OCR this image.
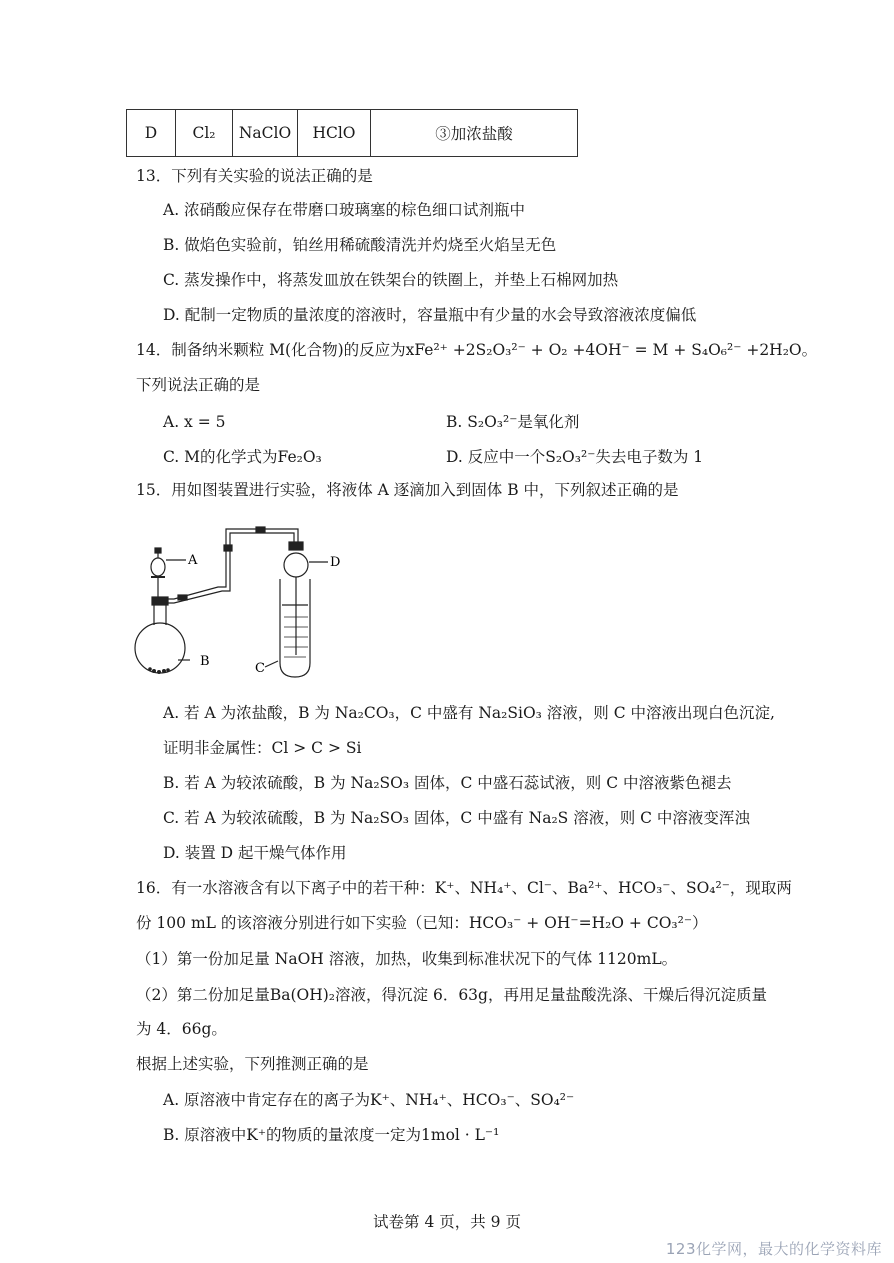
D	Cl₂	NaClO	HClO	③加浓盐酸
13．下列有关实验的说法正确的是
A. 浓硝酸应保存在带磨口玻璃塞的棕色细口试剂瓶中
B. 做焰色实验前，铂丝用稀硫酸清洗并灼烧至火焰呈无色
C. 蒸发操作中，将蒸发皿放在铁架台的铁圈上，并垫上石棉网加热
D. 配制一定物质的量浓度的溶液时，容量瓶中有少量的水会导致溶液浓度偏低
14．制备纳米颗粒 M(化合物)的反应为xFe²⁺ +2S₂O₃²⁻ + O₂ +4OH⁻ = M + S₄O₆²⁻ +2H₂O。
下列说法正确的是
A. x = 5	B. S₂O₃²⁻是氧化剂
C. M的化学式为Fe₂O₃	D. 反应中一个S₂O₃²⁻失去电子数为 1
15．用如图装置进行实验，将液体 A 逐滴加入到固体 B 中，下列叙述正确的是
A
B	C
D
A. 若 A 为浓盐酸，B 为 Na₂CO₃，C 中盛有 Na₂SiO₃ 溶液，则 C 中溶液出现白色沉淀,
证明非金属性：Cl > C > Si
B. 若 A 为较浓硫酸，B 为 Na₂SO₃ 固体，C 中盛石蕊试液，则 C 中溶液紫色褪去
C. 若 A 为较浓硫酸，B 为 Na₂SO₃ 固体，C 中盛有 Na₂S 溶液，则 C 中溶液变浑浊
D. 装置 D 起干燥气体作用
16．有一水溶液含有以下离子中的若干种：K⁺、NH₄⁺、Cl⁻、Ba²⁺、HCO₃⁻、SO₄²⁻，现取两
份 100 mL 的该溶液分别进行如下实验（已知：HCO₃⁻ + OH⁻=H₂O + CO₃²⁻）
（1）第一份加足量 NaOH 溶液，加热，收集到标准状况下的气体 1120mL。
（2）第二份加足量Ba(OH)₂溶液，得沉淀 6．63g，再用足量盐酸洗涤、干燥后得沉淀质量
为 4．66g。
根据上述实验，下列推测正确的是
A. 原溶液中肯定存在的离子为K⁺、NH₄⁺、HCO₃⁻、SO₄²⁻
B. 原溶液中K⁺的物质的量浓度一定为1mol · L⁻¹
试卷第 4 页，共 9 页
123化学网，最大的化学资料库
